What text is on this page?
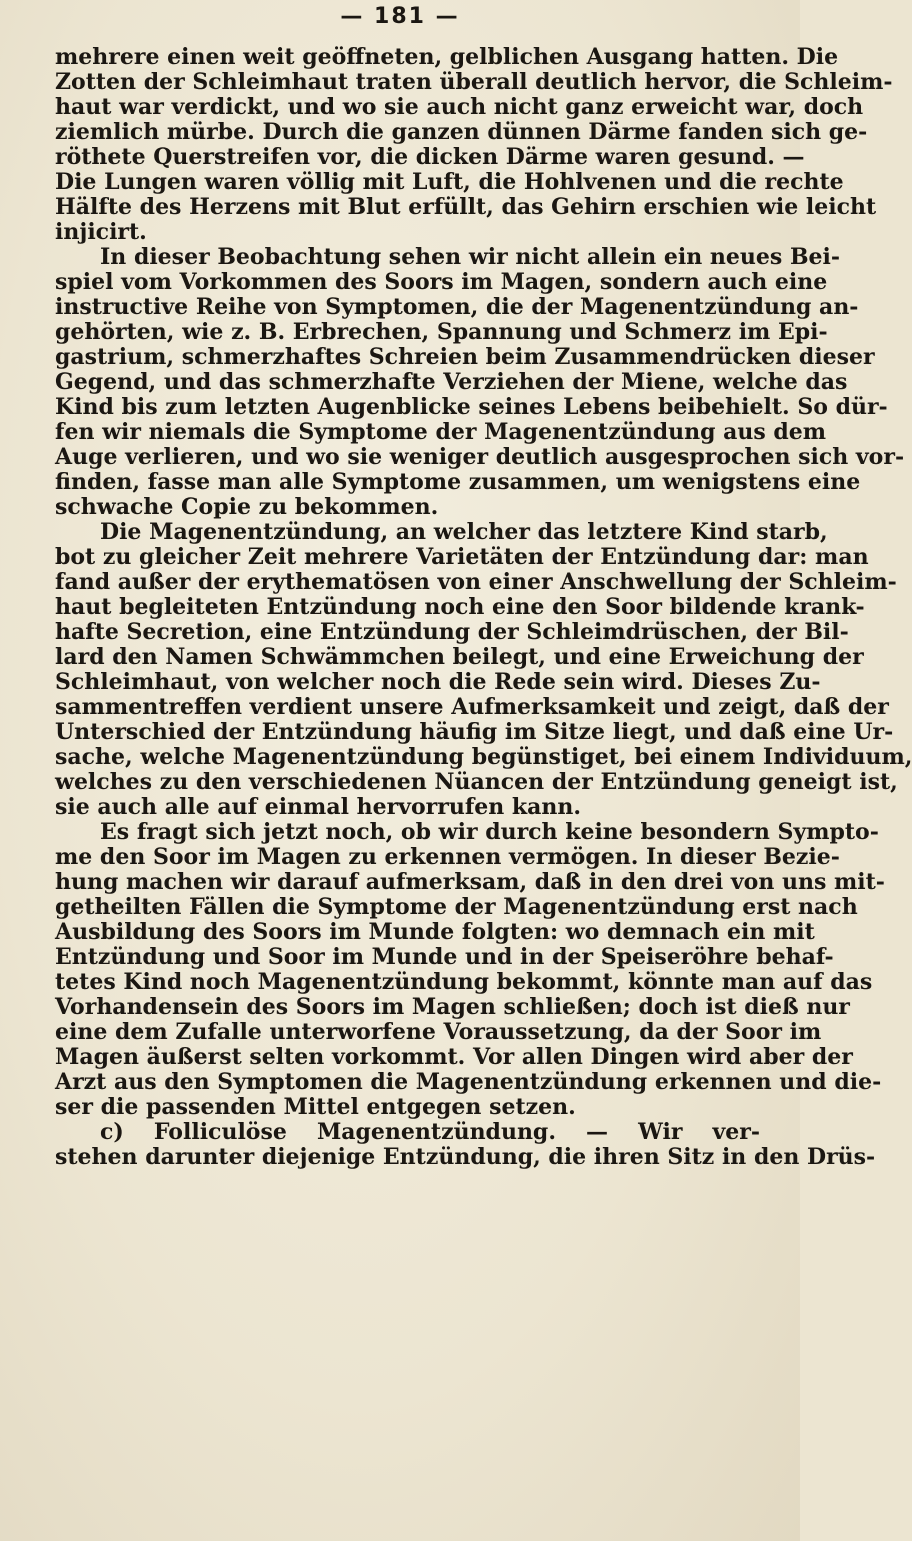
— 181 —
mehrere einen weit geöffneten, gelblichen Ausgang hatten. Die
Zotten der Schleimhaut traten überall deutlich hervor, die Schleim-
haut war verdickt, und wo sie auch nicht ganz erweicht war, doch
ziemlich mürbe. Durch die ganzen dünnen Därme fanden sich ge-
röthete Querstreifen vor, die dicken Därme waren gesund. —
Die Lungen waren völlig mit Luft, die Hohlvenen und die rechte
Hälfte des Herzens mit Blut erfüllt, das Gehirn erschien wie leicht
injicirt.
In dieser Beobachtung sehen wir nicht allein ein neues Bei-
spiel vom Vorkommen des Soors im Magen, sondern auch eine
instructive Reihe von Symptomen, die der Magenentzündung an-
gehörten, wie z. B. Erbrechen, Spannung und Schmerz im Epi-
gastrium, schmerzhaftes Schreien beim Zusammendrücken dieser
Gegend, und das schmerzhafte Verziehen der Miene, welche das
Kind bis zum letzten Augenblicke seines Lebens beibehielt. So dür-
fen wir niemals die Symptome der Magenentzündung aus dem
Auge verlieren, und wo sie weniger deutlich ausgesprochen sich vor-
finden, fasse man alle Symptome zusammen, um wenigstens eine
schwache Copie zu bekommen.
Die Magenentzündung, an welcher das letztere Kind starb,
bot zu gleicher Zeit mehrere Varietäten der Entzündung dar: man
fand außer der erythematösen von einer Anschwellung der Schleim-
haut begleiteten Entzündung noch eine den Soor bildende krank-
hafte Secretion, eine Entzündung der Schleimdrüschen, der Bil-
lard den Namen Schwämmchen beilegt, und eine Erweichung der
Schleimhaut, von welcher noch die Rede sein wird. Dieses Zu-
sammentreffen verdient unsere Aufmerksamkeit und zeigt, daß der
Unterschied der Entzündung häufig im Sitze liegt, und daß eine Ur-
sache, welche Magenentzündung begünstiget, bei einem Individuum,
welches zu den verschiedenen Nüancen der Entzündung geneigt ist,
sie auch alle auf einmal hervorrufen kann.
Es fragt sich jetzt noch, ob wir durch keine besondern Sympto-
me den Soor im Magen zu erkennen vermögen. In dieser Bezie-
hung machen wir darauf aufmerksam, daß in den drei von uns mit-
getheilten Fällen die Symptome der Magenentzündung erst nach
Ausbildung des Soors im Munde folgten: wo demnach ein mit
Entzündung und Soor im Munde und in der Speiseröhre behaf-
tetes Kind noch Magenentzündung bekommt, könnte man auf das
Vorhandensein des Soors im Magen schließen; doch ist dieß nur
eine dem Zufalle unterworfene Voraussetzung, da der Soor im
Magen äußerst selten vorkommt. Vor allen Dingen wird aber der
Arzt aus den Symptomen die Magenentzündung erkennen und die-
ser die passenden Mittel entgegen setzen.
c) Folliculöse Magenentzündung. — Wir ver-
stehen darunter diejenige Entzündung, die ihren Sitz in den Drüs-
